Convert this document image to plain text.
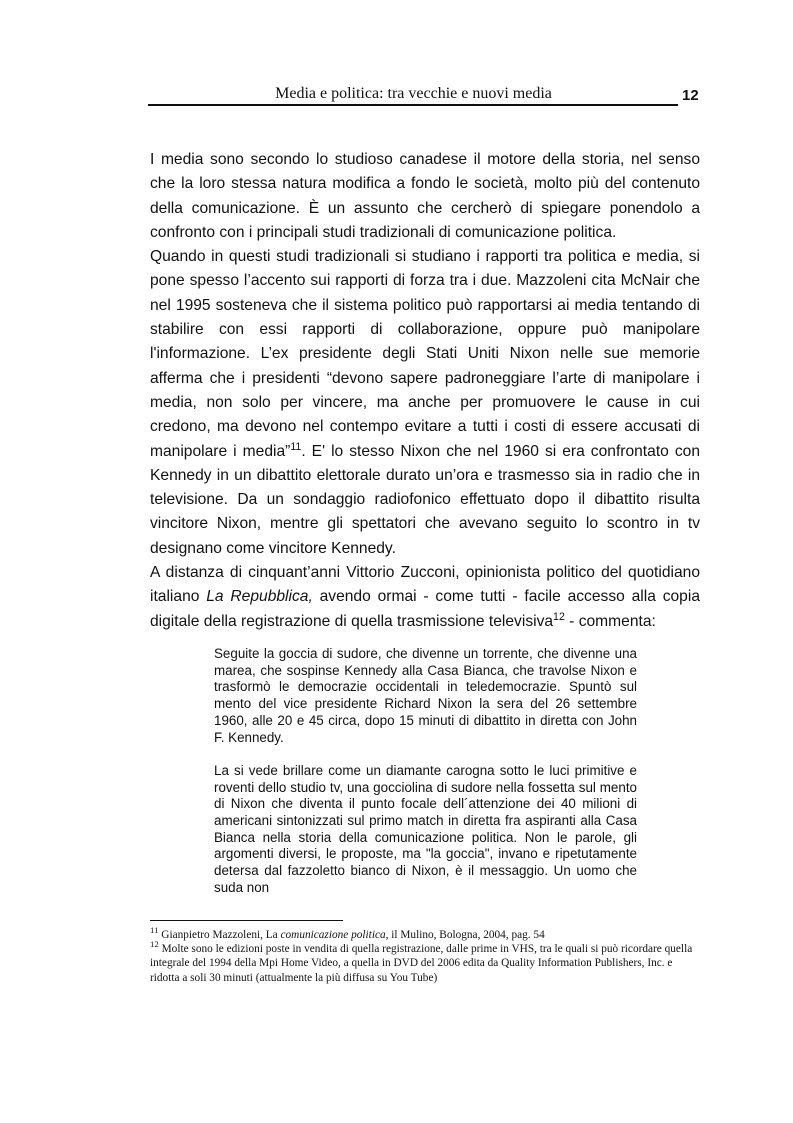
Media e politica: tra vecchie e nuovi media	12

I media sono secondo lo studioso canadese il motore della storia, nel senso che la loro stessa natura modifica a fondo le società, molto più del contenuto della comunicazione. È un assunto che cercherò di spiegare ponendolo a confronto con i principali studi tradizionali di comunicazione politica.

Quando in questi studi tradizionali si studiano i rapporti tra politica e media, si pone spesso l’accento sui rapporti di forza tra i due. Mazzoleni cita McNair che nel 1995 sosteneva che il sistema politico può rapportarsi ai media tentando di stabilire con essi rapporti di collaborazione, oppure può manipolare l'informazione. L’ex presidente degli Stati Uniti Nixon nelle sue memorie afferma che i presidenti “devono sapere padroneggiare l’arte di manipolare i media, non solo per vincere, ma anche per promuovere le cause in cui credono, ma devono nel contempo evitare a tutti i costi di essere accusati di manipolare i media”$^{11}$. E' lo stesso Nixon che nel 1960 si era confrontato con Kennedy in un dibattito elettorale durato un’ora e trasmesso sia in radio che in televisione. Da un sondaggio radiofonico effettuato dopo il dibattito risulta vincitore Nixon, mentre gli spettatori che avevano seguito lo scontro in tv designano come vincitore Kennedy.

A distanza di cinquant’anni Vittorio Zucconi, opinionista politico del quotidiano italiano La Repubblica, avendo ormai - come tutti - facile accesso alla copia digitale della registrazione di quella trasmissione televisiva$^{12}$ - commenta:

Seguite la goccia di sudore, che divenne un torrente, che divenne una marea, che sospinse Kennedy alla Casa Bianca, che travolse Nixon e trasformò le democrazie occidentali in teledemocrazie. Spuntò sul mento del vice presidente Richard Nixon la sera del 26 settembre 1960, alle 20 e 45 circa, dopo 15 minuti di dibattito in diretta con John F. Kennedy.

La si vede brillare come un diamante carogna sotto le luci primitive e roventi dello studio tv, una gocciolina di sudore nella fossetta sul mento di Nixon che diventa il punto focale dell´attenzione dei 40 milioni di americani sintonizzati sul primo match in diretta fra aspiranti alla Casa Bianca nella storia della comunicazione politica. Non le parole, gli argomenti diversi, le proposte, ma "la goccia", invano e ripetutamente detersa dal fazzoletto bianco di Nixon, è il messaggio. Un uomo che suda non

$^{11}$ Gianpietro Mazzoleni, La comunicazione politica, il Mulino, Bologna, 2004, pag. 54

$^{12}$ Molte sono le edizioni poste in vendita di quella registrazione, dalle prime in VHS, tra le quali si può ricordare quella integrale del 1994 della Mpi Home Video, a quella in DVD del 2006 edita da Quality Information Publishers, Inc. e ridotta a soli 30 minuti (attualmente la più diffusa su You Tube)
